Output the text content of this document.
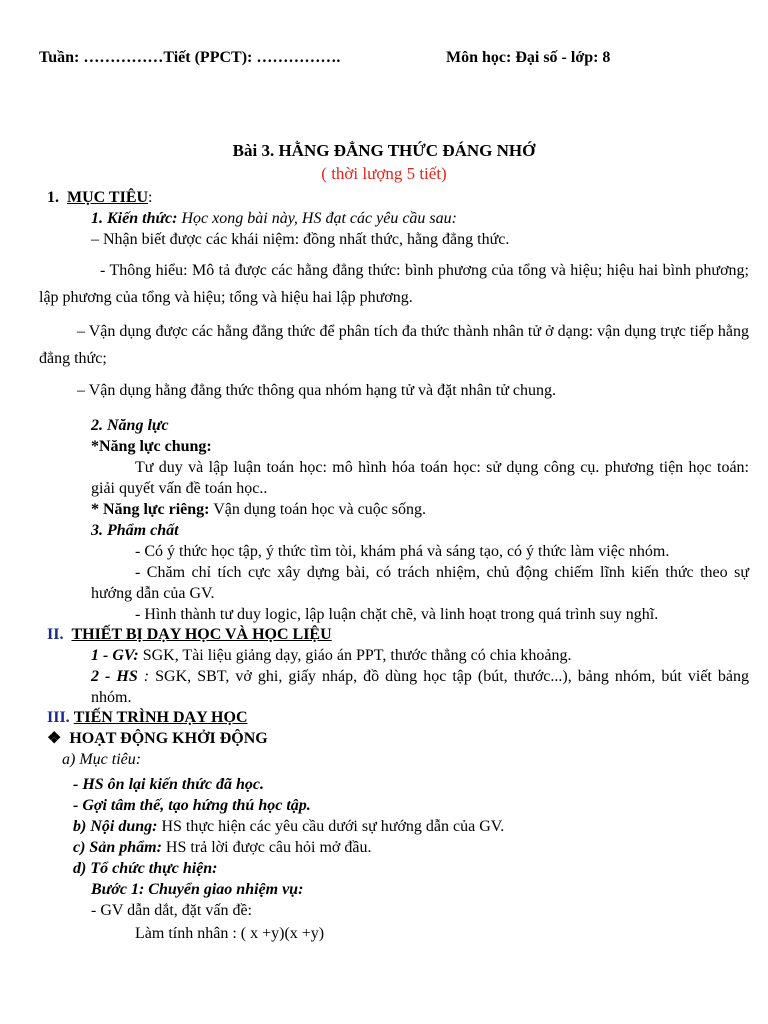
Tuần: ……………Tiết (PPCT): …………….	Môn học: Đại số - lớp: 8
Bài 3. HẰNG ĐẲNG THỨC ĐÁNG NHỚ
( thời lượng 5 tiết)
1. MỤC TIÊU:
1. Kiến thức: Học xong bài này, HS đạt các yêu cầu sau:
– Nhận biết được các khái niệm: đồng nhất thức, hằng đẳng thức.
- Thông hiểu: Mô tả được các hằng đẳng thức: bình phương của tổng và hiệu; hiệu hai bình phương; lập phương của tổng và hiệu; tổng và hiệu hai lập phương.
– Vận dụng được các hằng đẳng thức để phân tích đa thức thành nhân tử ở dạng: vận dụng trực tiếp hằng đẳng thức;
– Vận dụng hằng đẳng thức thông qua nhóm hạng tử và đặt nhân tử chung.
2. Năng lực
*Năng lực chung:
Tư duy và lập luận toán học: mô hình hóa toán học: sử dụng công cụ. phương tiện học toán: giải quyết vấn đề toán học..
* Năng lực riêng: Vận dụng toán học và cuộc sống.
3. Phẩm chất
- Có ý thức học tập, ý thức tìm tòi, khám phá và sáng tạo, có ý thức làm việc nhóm.
- Chăm chỉ tích cực xây dựng bài, có trách nhiệm, chủ động chiếm lĩnh kiến thức theo sự hướng dẫn của GV.
- Hình thành tư duy logic, lập luận chặt chẽ, và linh hoạt trong quá trình suy nghĩ.
II. THIẾT BỊ DẠY HỌC VÀ HỌC LIỆU
1 - GV: SGK, Tài liệu giảng dạy, giáo án PPT, thước thẳng có chia khoảng.
2 - HS : SGK, SBT, vở ghi, giấy nháp, đồ dùng học tập (bút, thước...), bảng nhóm, bút viết bảng nhóm.
III. TIẾN TRÌNH DẠY HỌC
❖ HOẠT ĐỘNG KHỞI ĐỘNG
a) Mục tiêu:
- HS ôn lại kiến thức đã học.
- Gợi tâm thế, tạo hứng thú học tập.
b) Nội dung: HS thực hiện các yêu cầu dưới sự hướng dẫn của GV.
c) Sản phẩm: HS trả lời được câu hỏi mở đầu.
d) Tổ chức thực hiện:
Bước 1: Chuyển giao nhiệm vụ:
- GV dẫn dắt, đặt vấn đề:
Làm tính nhân : ( x +y)(x +y)
